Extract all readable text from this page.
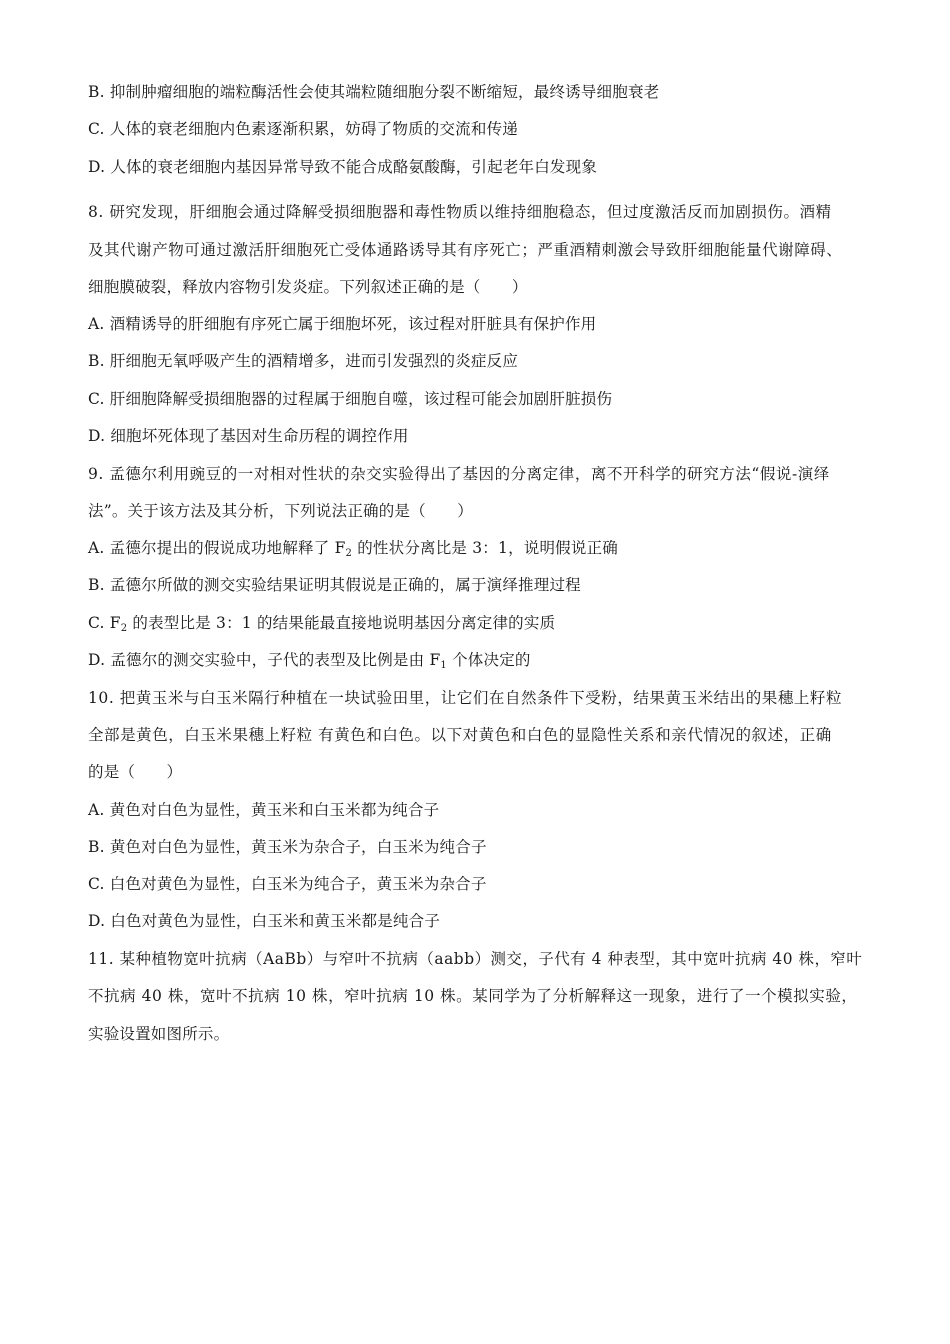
B. 抑制肿瘤细胞的端粒酶活性会使其端粒随细胞分裂不断缩短，最终诱导细胞衰老
C. 人体的衰老细胞内色素逐渐积累，妨碍了物质的交流和传递
D. 人体的衰老细胞内基因异常导致不能合成酪氨酸酶，引起老年白发现象
8. 研究发现，肝细胞会通过降解受损细胞器和毒性物质以维持细胞稳态，但过度激活反而加剧损伤。酒精
及其代谢产物可通过激活肝细胞死亡受体通路诱导其有序死亡；严重酒精刺激会导致肝细胞能量代谢障碍、
细胞膜破裂，释放内容物引发炎症。下列叙述正确的是（　　）
A. 酒精诱导的肝细胞有序死亡属于细胞坏死，该过程对肝脏具有保护作用
B. 肝细胞无氧呼吸产生的酒精增多，进而引发强烈的炎症反应
C. 肝细胞降解受损细胞器的过程属于细胞自噬，该过程可能会加剧肝脏损伤
D. 细胞坏死体现了基因对生命历程的调控作用
9. 孟德尔利用豌豆的一对相对性状的杂交实验得出了基因的分离定律，离不开科学的研究方法“假说-演绎
法”。关于该方法及其分析，下列说法正确的是（　　）
A. 孟德尔提出的假说成功地解释了 $F_2$ 的性状分离比是 3：1，说明假说正确
B. 孟德尔所做的测交实验结果证明其假说是正确的，属于演绎推理过程
C. $F_2$ 的表型比是 3：1 的结果能最直接地说明基因分离定律的实质
D. 孟德尔的测交实验中，子代的表型及比例是由 $F_1$ 个体决定的
10. 把黄玉米与白玉米隔行种植在一块试验田里，让它们在自然条件下受粉，结果黄玉米结出的果穗上籽粒
全部是黄色，白玉米果穗上籽粒 有黄色和白色。以下对黄色和白色的显隐性关系和亲代情况的叙述，正确
的是（　　）
A. 黄色对白色为显性，黄玉米和白玉米都为纯合子
B. 黄色对白色为显性，黄玉米为杂合子，白玉米为纯合子
C. 白色对黄色为显性，白玉米为纯合子，黄玉米为杂合子
D. 白色对黄色为显性，白玉米和黄玉米都是纯合子
11. 某种植物宽叶抗病（AaBb）与窄叶不抗病（aabb）测交，子代有 4 种表型，其中宽叶抗病 40 株，窄叶
不抗病 40 株，宽叶不抗病 10 株，窄叶抗病 10 株。某同学为了分析解释这一现象，进行了一个模拟实验，
实验设置如图所示。
